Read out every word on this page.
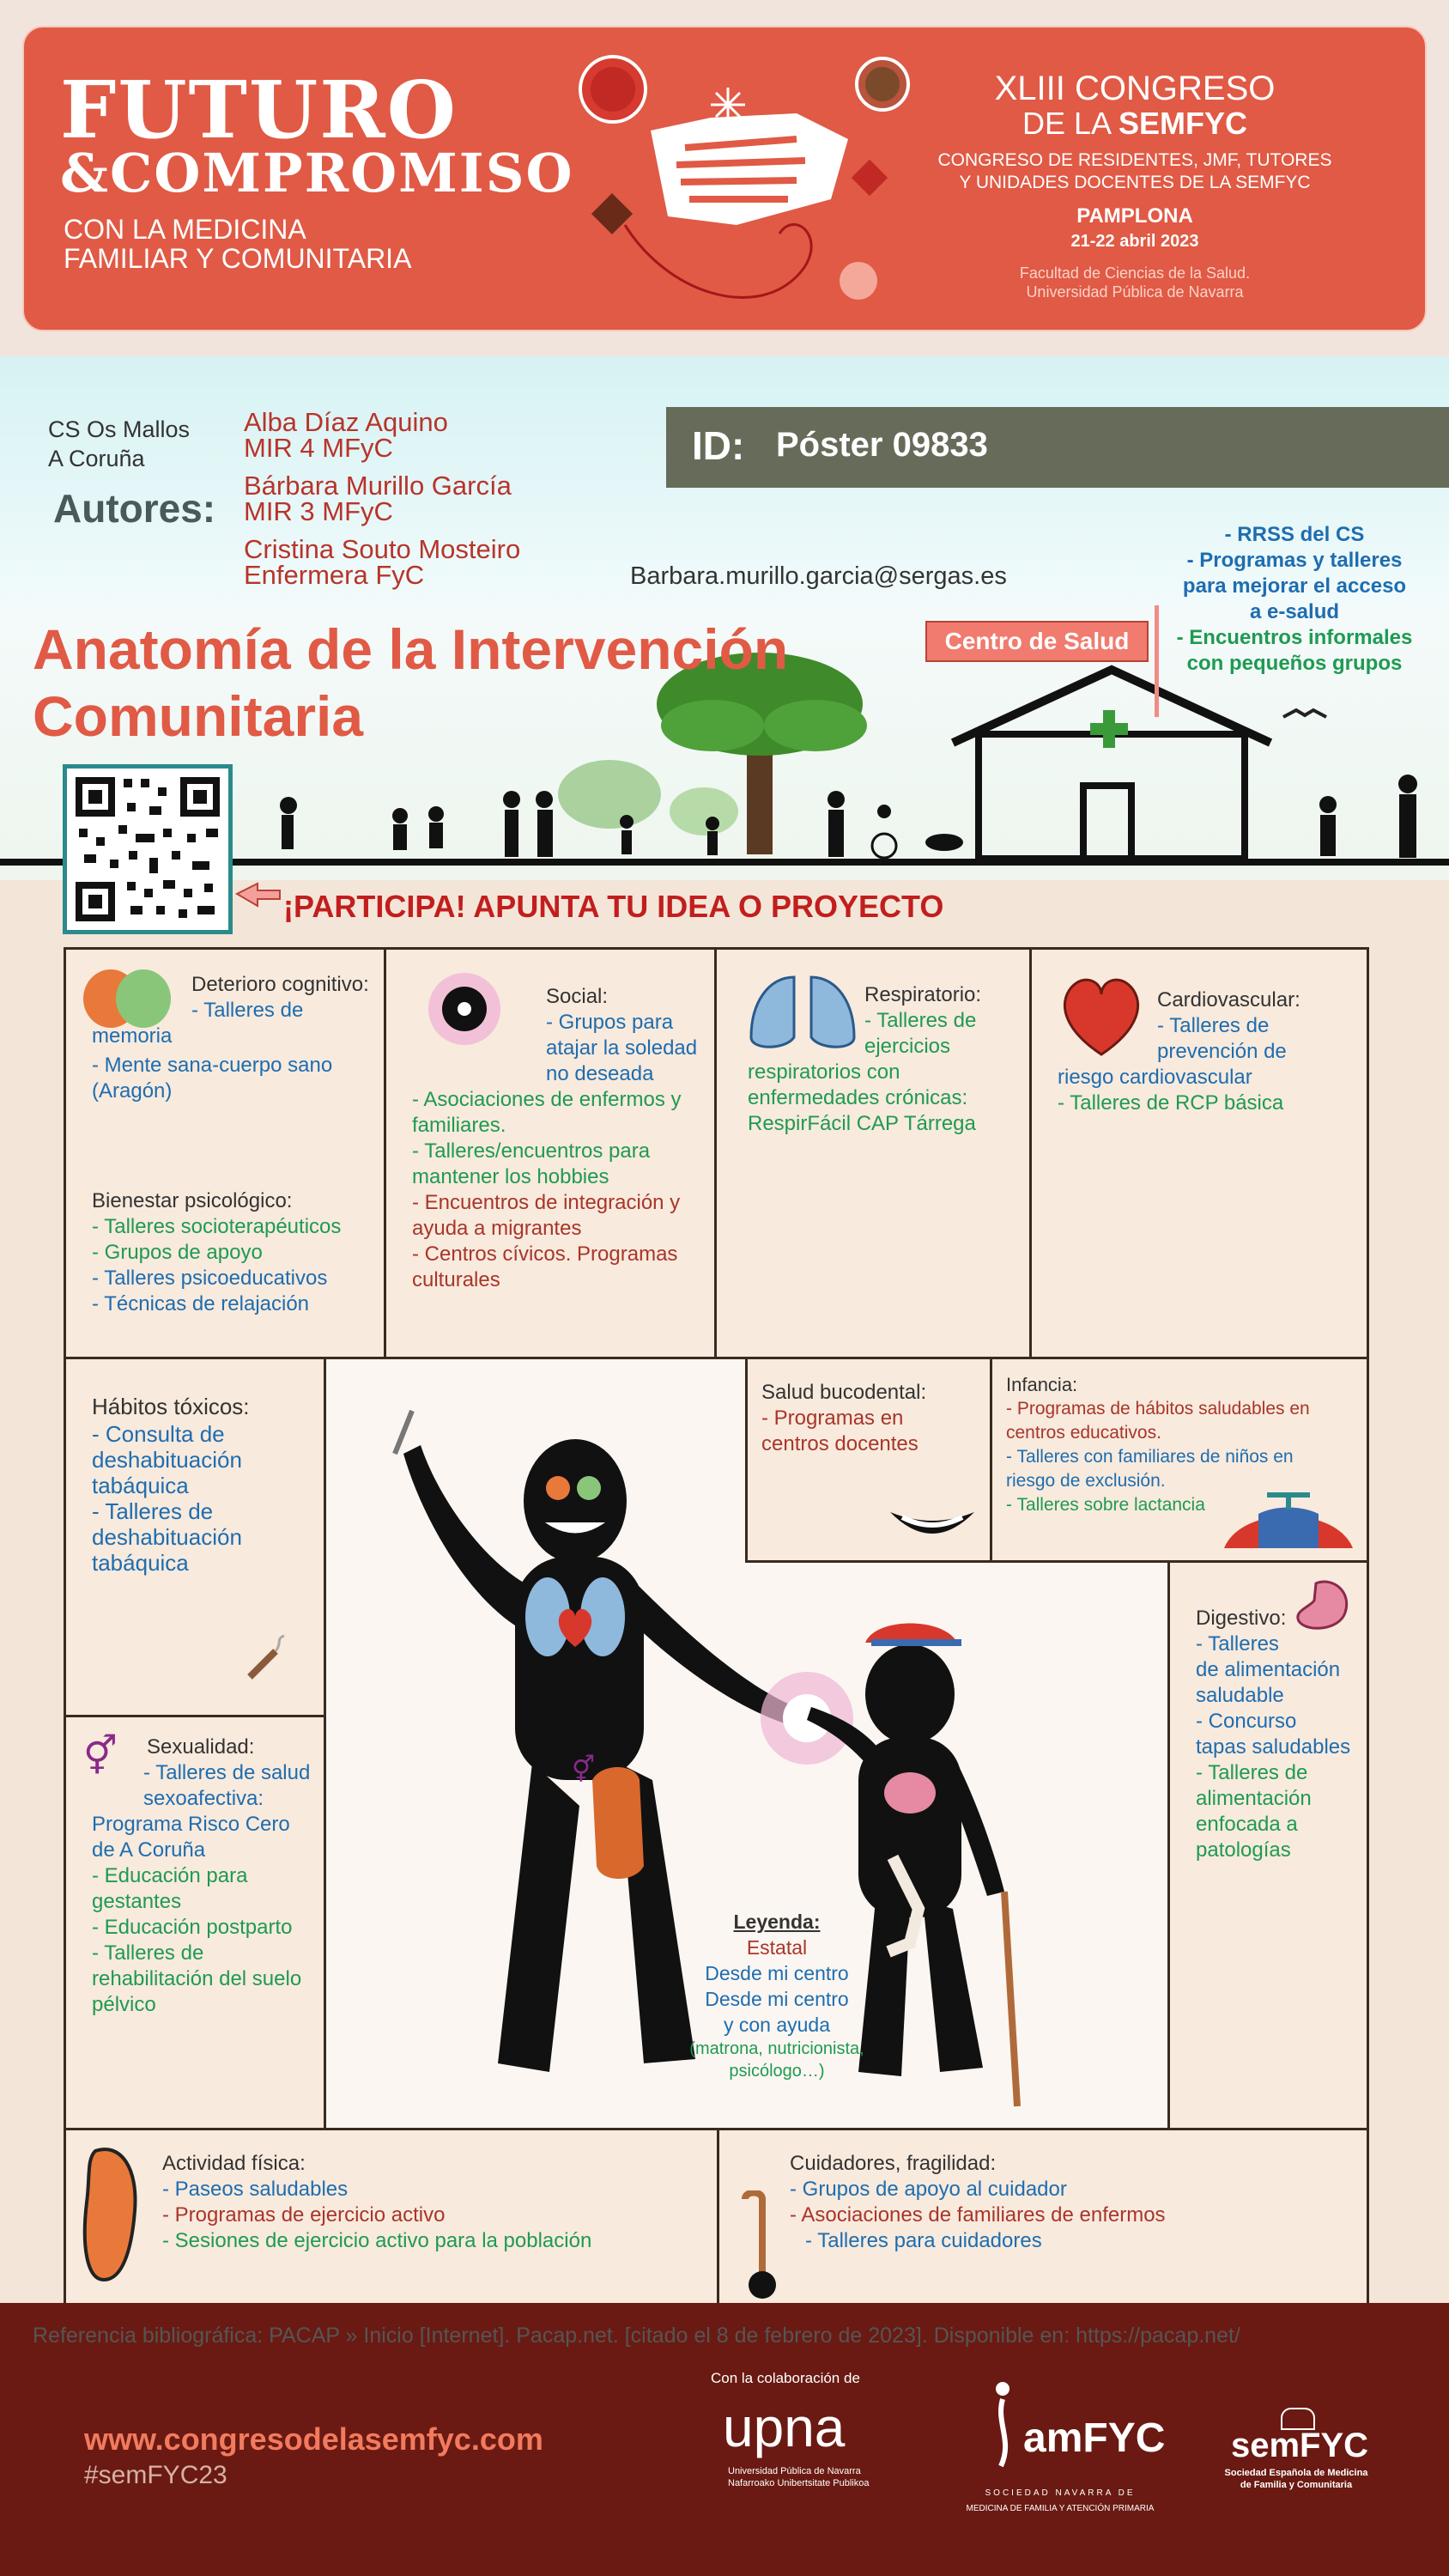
FUTURO
&COMPROMISO
CON LA MEDICINA
FAMILIAR Y COMUNITARIA
XLIII CONGRESO
DE LA SEMFYC
CONGRESO DE RESIDENTES, JMF, TUTORES
Y UNIDADES DOCENTES DE LA SEMFYC
PAMPLONA
21-22 abril 2023
Facultad de Ciencias de la Salud.
Universidad Pública de Navarra
CS Os Mallos
A Coruña
Autores:
Alba Díaz Aquino
MIR 4 MFyC
Bárbara Murillo García
MIR 3 MFyC
Cristina Souto Mosteiro
Enfermera FyC	Barbara.murillo.garcia@sergas.es
ID: Póster 09833
Anatomía de la Intervención
Comunitaria
Centro de Salud
- RRSS del CS
- Programas y talleres
para mejorar el acceso
a e-salud
- Encuentros informales
con pequeños grupos
¡PARTICIPA! APUNTA TU IDEA O PROYECTO
Deterioro cognitivo:
- Talleres de
memoria
- Mente sana-cuerpo sano
(Aragón)
Bienestar psicológico:
- Talleres socioterapéuticos
- Grupos de apoyo
- Talleres psicoeducativos
- Técnicas de relajación
Social:
- Grupos para
atajar la soledad
no deseada
- Asociaciones de enfermos y
familiares.
- Talleres/encuentros para
mantener los hobbies
- Encuentros de integración y
ayuda a migrantes
- Centros cívicos. Programas
culturales
Respiratorio:
- Talleres de
ejercicios
respiratorios con
enfermedades crónicas:
RespirFácil CAP Tárrega
Cardiovascular:
- Talleres de
prevención de
riesgo cardiovascular
- Talleres de RCP básica
Hábitos tóxicos:
- Consulta de
deshabituación
tabáquica
- Talleres de
deshabituación
tabáquica
⚥ Sexualidad:
- Talleres de salud
sexoafectiva:
Programa Risco Cero
de A Coruña
- Educación para
gestantes
- Educación postparto
- Talleres de
rehabilitación del suelo
pélvico
⚥
Leyenda:
Estatal
Desde mi centro
Desde mi centro
y con ayuda
(matrona, nutricionista,
psicólogo…)
Salud bucodental:
- Programas en
centros docentes
Infancia:
- Programas de hábitos saludables en
centros educativos.
- Talleres con familiares de niños en
riesgo de exclusión.
- Talleres sobre lactancia
Digestivo:
- Talleres
de alimentación
saludable
- Concurso
tapas saludables
- Talleres de
alimentación
enfocada a
patologías
Actividad física:
- Paseos saludables
- Programas de ejercicio activo
- Sesiones de ejercicio activo para la población
Cuidadores, fragilidad:
- Grupos de apoyo al cuidador
- Asociaciones de familiares de enfermos
- Talleres para cuidadores
Referencia bibliográfica: PACAP » Inicio [Internet]. Pacap.net. [citado el 8 de febrero de 2023]. Disponible en: https://pacap.net/
www.congresodelasemfyc.com
#semFYC23
Con la colaboración de
upna
Universidad Pública de Navarra
Nafarroako Unibertsitate Publikoa
amFYC
SOCIEDAD NAVARRA DE
MEDICINA DE FAMILIA Y ATENCIÓN PRIMARIA
semFYC
Sociedad Española de Medicina
de Familia y Comunitaria
